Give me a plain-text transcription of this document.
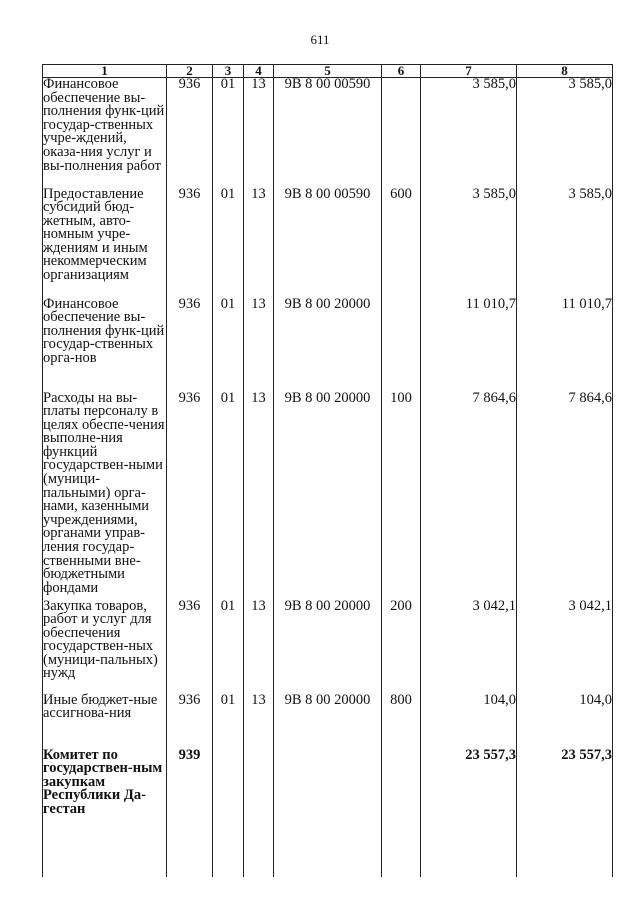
611
1	2	3	4	5	6	7	8
Финансовое обеспечение вы-полнения функ-ций государ-ственных учре-ждений, оказа-ния услуг и вы-полнения работ	936	01	13	9В 8 00 00590		3 585,0	3 585,0
Предоставление субсидий бюд-жетным, авто-номным учре-ждениям и иным некоммерческим организациям	936	01	13	9В 8 00 00590	600	3 585,0	3 585,0
Финансовое обеспечение вы-полнения функ-ций государ-ственных орга-нов	936	01	13	9В 8 00 20000		11 010,7	11 010,7
Расходы на вы-платы персоналу в целях обеспе-чения выполне-ния функций государствен-ными (муници-пальными) орга-нами, казенными учреждениями, органами управ-ления государ-ственными вне-бюджетными фондами	936	01	13	9В 8 00 20000	100	7 864,6	7 864,6
Закупка товаров, работ и услуг для обеспечения государствен-ных (муници-пальных) нужд	936	01	13	9В 8 00 20000	200	3 042,1	3 042,1
Иные бюджет-ные ассигнова-ния	936	01	13	9В 8 00 20000	800	104,0	104,0
Комитет по государствен-ным закупкам Республики Да-гестан	939					23 557,3	23 557,3
